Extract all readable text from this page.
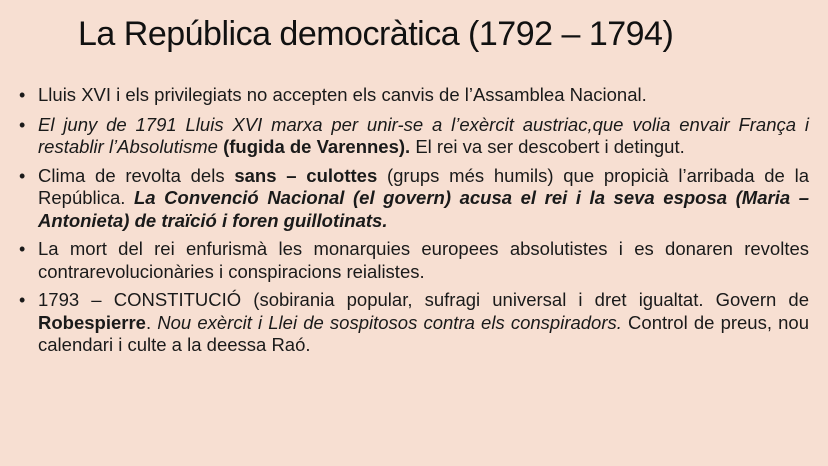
La República democràtica (1792 – 1794)
• Lluis XVI i els privilegiats no accepten els canvis de l’Assamblea Nacional.
• El juny de 1791 Lluis XVI marxa per unir-se a l’exèrcit austriac,que volia envair França i restablir l’Absolutisme (fugida de Varennes). El rei va ser descobert i detingut.
• Clima de revolta dels sans – culottes (grups més humils) que propicià l’arribada de la República. La Convenció Nacional (el govern) acusa el rei i la seva esposa (Maria – Antonieta) de traïció i foren guillotinats.
• La mort del rei enfurismà les monarquies europees absolutistes i es donaren revoltes contrarevolucionàries i conspiracions reialistes.
• 1793 – CONSTITUCIÓ (sobirania popular, sufragi universal i dret igualtat. Govern de Robespierre. Nou exèrcit i Llei de sospitosos contra els conspiradors. Control de preus, nou calendari i culte a la deessa Raó.
